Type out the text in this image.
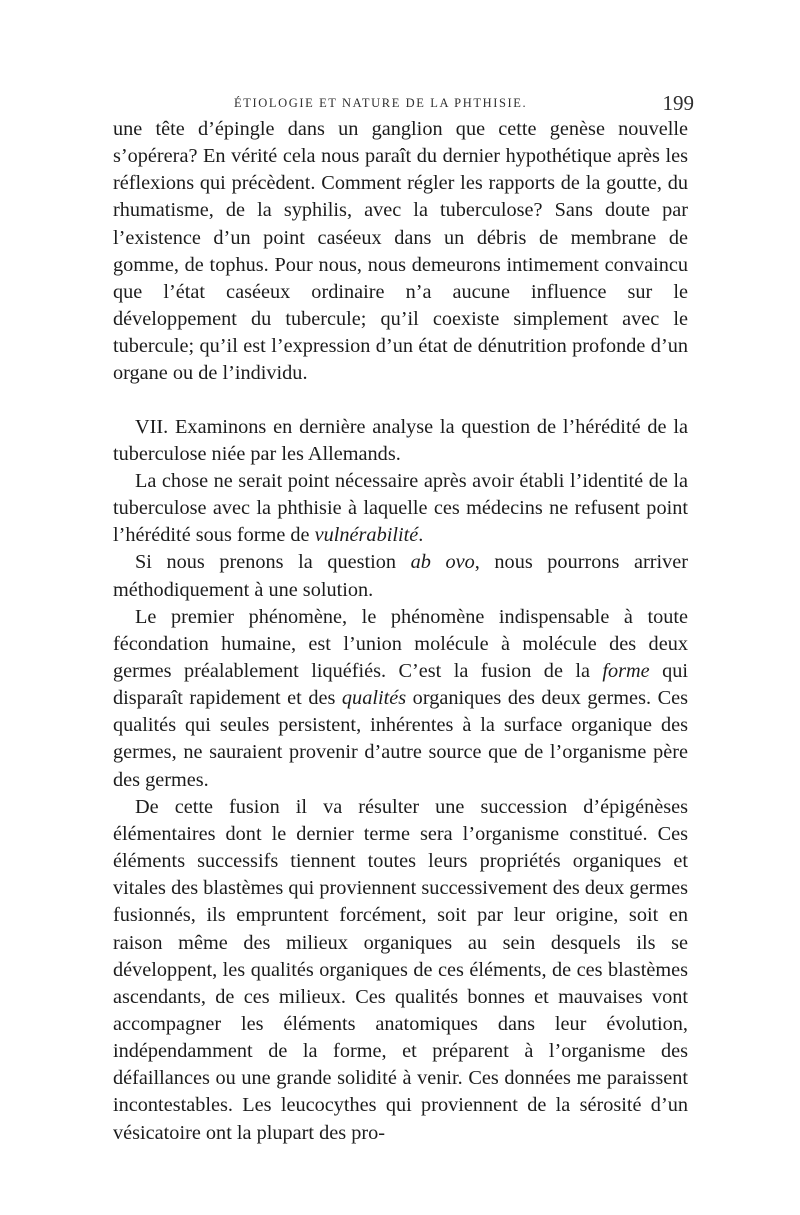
ÉTIOLOGIE ET NATURE DE LA PHTHISIE.	199

une tête d’épingle dans un ganglion que cette genèse nouvelle s’opérera? En vérité cela nous paraît du dernier hypothétique après les réflexions qui précèdent. Comment régler les rapports de la goutte, du rhumatisme, de la syphilis, avec la tuberculose? Sans doute par l’existence d’un point caséeux dans un débris de membrane de gomme, de tophus. Pour nous, nous demeurons intimement convaincu que l’état caséeux ordinaire n’a aucune influence sur le développement du tubercule; qu’il coexiste simplement avec le tubercule; qu’il est l’expression d’un état de dénutrition profonde d’un organe ou de l’individu.

VII. Examinons en dernière analyse la question de l’hérédité de la tuberculose niée par les Allemands.

La chose ne serait point nécessaire après avoir établi l’identité de la tuberculose avec la phthisie à laquelle ces médecins ne refusent point l’hérédité sous forme de vulnérabilité.

Si nous prenons la question ab ovo, nous pourrons arriver méthodiquement à une solution.

Le premier phénomène, le phénomène indispensable à toute fécondation humaine, est l’union molécule à molécule des deux germes préalablement liquéfiés. C’est la fusion de la forme qui disparaît rapidement et des qualités organiques des deux germes. Ces qualités qui seules persistent, inhérentes à la surface organique des germes, ne sauraient provenir d’autre source que de l’organisme père des germes.

De cette fusion il va résulter une succession d’épigénèses élémentaires dont le dernier terme sera l’organisme constitué. Ces éléments successifs tiennent toutes leurs propriétés organiques et vitales des blastèmes qui proviennent successivement des deux germes fusionnés, ils empruntent forcément, soit par leur origine, soit en raison même des milieux organiques au sein desquels ils se développent, les qualités organiques de ces éléments, de ces blastèmes ascendants, de ces milieux. Ces qualités bonnes et mauvaises vont accompagner les éléments anatomiques dans leur évolution, indépendamment de la forme, et préparent à l’organisme des défaillances ou une grande solidité à venir. Ces données me paraissent incontestables. Les leucocythes qui proviennent de la sérosité d’un vésicatoire ont la plupart des pro-
